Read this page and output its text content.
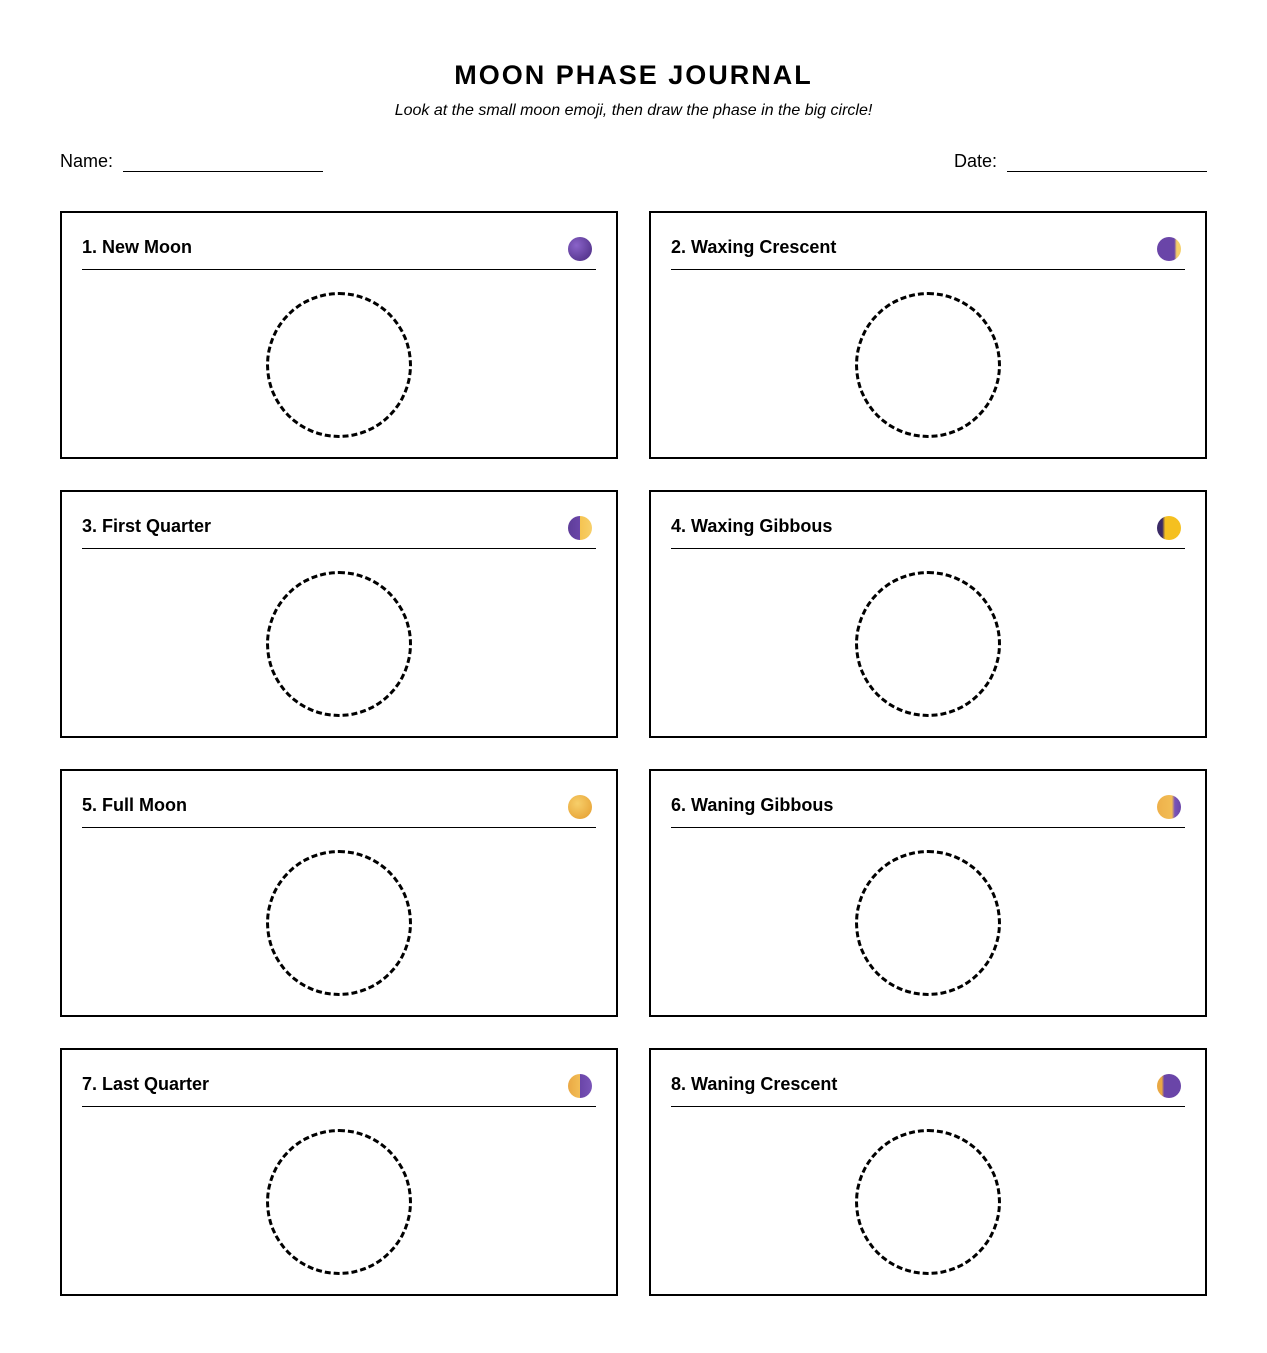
MOON PHASE JOURNAL
Look at the small moon emoji, then draw the phase in the big circle!
Name:	Date:
1. New Moon	2. Waxing Crescent
3. First Quarter	4. Waxing Gibbous
5. Full Moon	6. Waning Gibbous
7. Last Quarter	8. Waning Crescent
